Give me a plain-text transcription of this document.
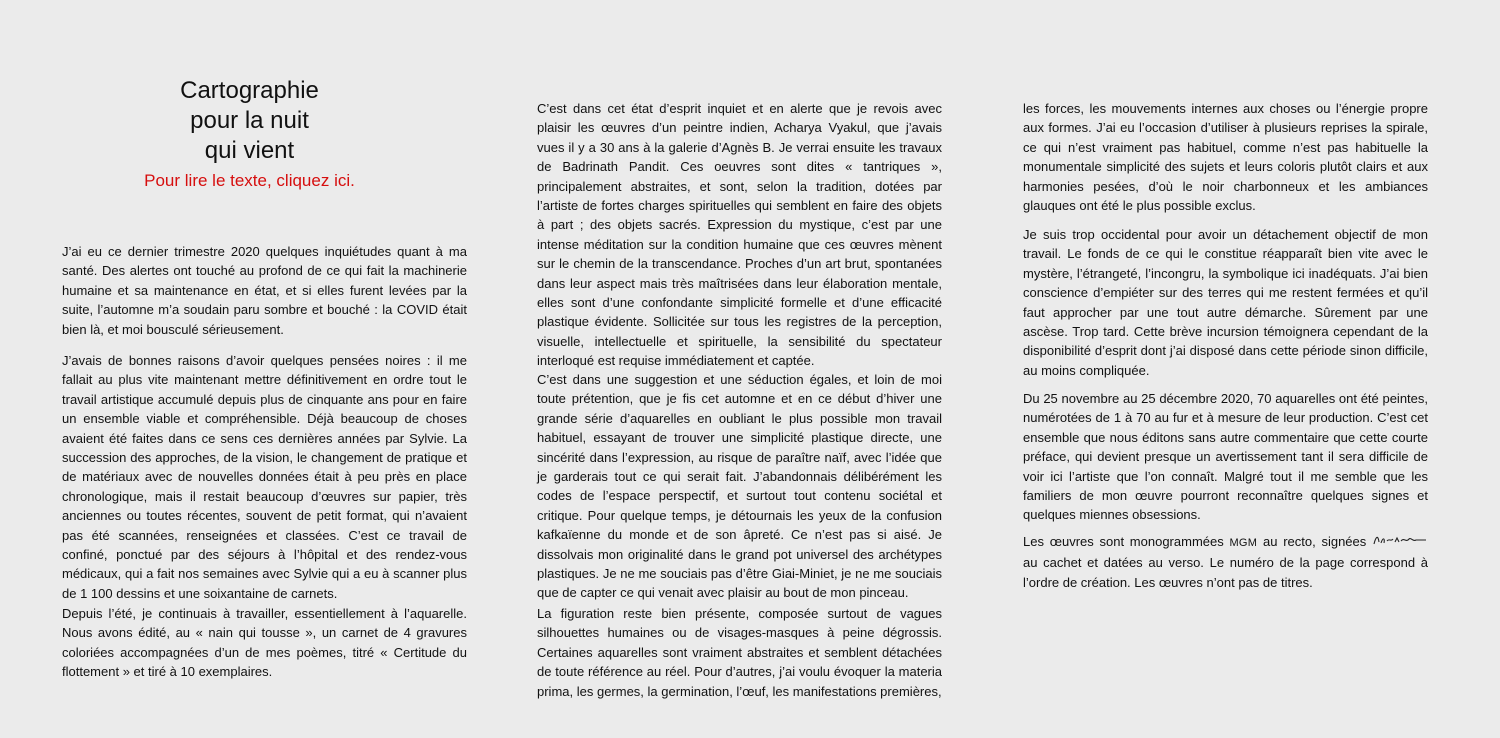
Cartographie
pour la nuit
qui vient
Pour lire le texte, cliquez ici.

J’ai eu ce dernier trimestre 2020 quelques inquiétudes quant à ma santé. Des alertes ont touché au profond de ce qui fait la machinerie humaine et sa maintenance en état, et si elles furent levées par la suite, l’automne m’a soudain paru sombre et bouché : la COVID était bien là, et moi bousculé sérieusement.

J’avais de bonnes raisons d’avoir quelques pensées noires : il me fallait au plus vite maintenant mettre définitivement en ordre tout le travail artistique accumulé depuis plus de cinquante ans pour en faire un ensemble viable et compréhensible. Déjà beaucoup de choses avaient été faites dans ce sens ces dernières années par Sylvie. La succession des approches, de la vision, le changement de pratique et de matériaux avec de nouvelles données était à peu près en place chronologique, mais il restait beaucoup d’œuvres sur papier, très anciennes ou toutes récentes, souvent de petit format, qui n’avaient pas été scannées, renseignées et classées. C’est ce travail de confiné, ponctué par des séjours à l’hôpital et des rendez-vous médicaux, qui a fait nos semaines avec Sylvie qui a eu à scanner plus de 1 100 dessins et une soixantaine de carnets.

Depuis l’été, je continuais à travailler, essentiellement à l’aquarelle. Nous avons édité, au « nain qui tousse », un carnet de 4 gravures coloriées accompagnées d’un de mes poèmes, titré « Certitude du flottement » et tiré à 10 exemplaires.

C’est dans cet état d’esprit inquiet et en alerte que je revois avec plaisir les œuvres d’un peintre indien, Acharya Vyakul, que j’avais vues il y a 30 ans à la galerie d’Agnès B. Je verrai ensuite les travaux de Badrinath Pandit. Ces oeuvres sont dites « tantriques », principalement abstraites, et sont, selon la tradition, dotées par l’artiste de fortes charges spirituelles qui semblent en faire des objets à part ; des objets sacrés. Expression du mystique, c’est par une intense méditation sur la condition humaine que ces œuvres mènent sur le chemin de la transcendance. Proches d’un art brut, spontanées dans leur aspect mais très maîtrisées dans leur élaboration mentale, elles sont d’une confondante simplicité formelle et d’une efficacité plastique évidente. Sollicitée sur tous les registres de la perception, visuelle, intellectuelle et spirituelle, la sensibilité du spectateur interloqué est requise immédiatement et captée.

C’est dans une suggestion et une séduction égales, et loin de moi toute prétention, que je fis cet automne et en ce début d’hiver une grande série d’aquarelles en oubliant le plus possible mon travail habituel, essayant de trouver une simplicité plastique directe, une sincérité dans l’expression, au risque de paraître naïf, avec l’idée que je garderais tout ce qui serait fait. J’abandonnais délibérément les codes de l’espace perspectif, et surtout tout contenu sociétal et critique. Pour quelque temps, je détournais les yeux de la confusion kafkaïenne du monde et de son âpreté. Ce n’est pas si aisé. Je dissolvais mon originalité dans le grand pot universel des archétypes plastiques. Je ne me souciais pas d’être Giai-Miniet, je ne me souciais que de capter ce qui venait avec plaisir au bout de mon pinceau.

La figuration reste bien présente, composée surtout de vagues silhouettes humaines ou de visages-masques à peine dégrossis. Certaines aquarelles sont vraiment abstraites et semblent détachées de toute référence au réel. Pour d’autres, j’ai voulu évoquer la materia prima, les germes, la germination, l’œuf, les manifestations premières,

les forces, les mouvements internes aux choses ou l’énergie propre aux formes. J’ai eu l’occasion d’utiliser à plusieurs reprises la spirale, ce qui n’est vraiment pas habituel, comme n’est pas habituelle la monumentale simplicité des sujets et leurs coloris plutôt clairs et aux harmonies pesées, d’où le noir charbonneux et les ambiances glauques ont été le plus possible exclus.

Je suis trop occidental pour avoir un détachement objectif de mon travail. Le fonds de ce qui le constitue réapparaît bien vite avec le mystère, l’étrangeté, l’incongru, la symbolique ici inadéquats. J’ai bien conscience d’empiéter sur des terres qui me restent fermées et qu’il faut approcher par une tout autre démarche. Sûrement par une ascèse. Trop tard. Cette brève incursion témoignera cependant de la disponibilité d’esprit dont j’ai disposé dans cette période sinon difficile, au moins compliquée.

Du 25 novembre au 25 décembre 2020, 70 aquarelles ont été peintes, numérotées de 1 à 70 au fur et à mesure de leur production. C’est cet ensemble que nous éditons sans autre commentaire que cette courte préface, qui devient presque un avertissement tant il sera difficile de voir ici l’artiste que l’on connaît. Malgré tout il me semble que les familiers de mon œuvre pourront reconnaître quelques signes et quelques miennes obsessions.

Les œuvres sont monogrammées MGM au recto, signées  au cachet et datées au verso. Le numéro de la page correspond à l’ordre de création. Les œuvres n’ont pas de titres.
